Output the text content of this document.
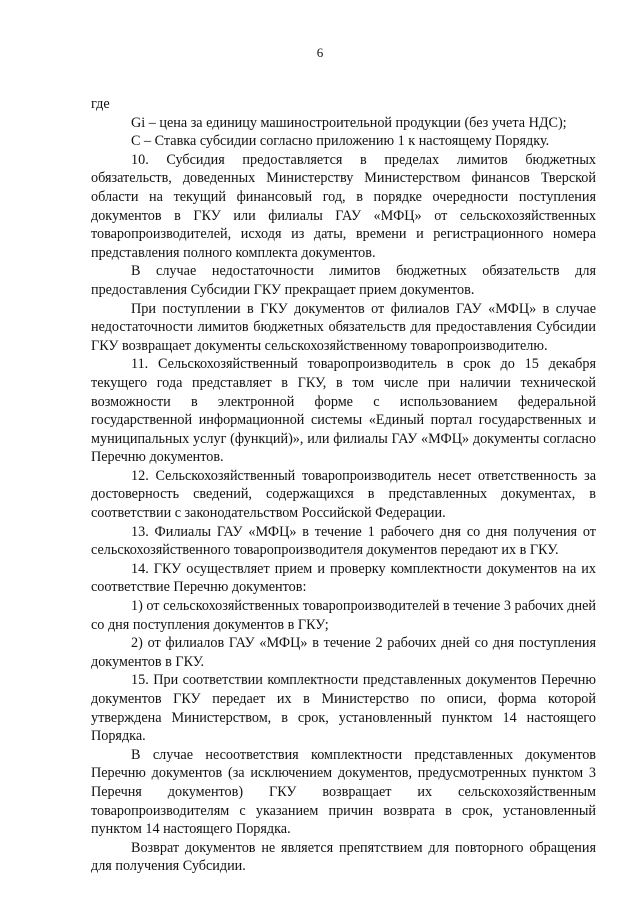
6

где

Gi – цена за единицу машиностроительной продукции (без учета НДС);

C – Ставка субсидии согласно приложению 1 к настоящему Порядку.

10. Субсидия предоставляется в пределах лимитов бюджетных обязательств, доведенных Министерству Министерством финансов Тверской области на текущий финансовый год, в порядке очередности поступления документов в ГКУ или филиалы ГАУ «МФЦ» от сельскохозяйственных товаропроизводителей, исходя из даты, времени и регистрационного номера представления полного комплекта документов.

В случае недостаточности лимитов бюджетных обязательств для предоставления Субсидии ГКУ прекращает прием документов.

При поступлении в ГКУ документов от филиалов ГАУ «МФЦ» в случае недостаточности лимитов бюджетных обязательств для предоставления Субсидии ГКУ возвращает документы сельскохозяйственному товаропроизводителю.

11. Сельскохозяйственный товаропроизводитель в срок до 15 декабря текущего года представляет в ГКУ, в том числе при наличии технической возможности в электронной форме с использованием федеральной государственной информационной системы «Единый портал государственных и муниципальных услуг (функций)», или филиалы ГАУ «МФЦ» документы согласно Перечню документов.

12. Сельскохозяйственный товаропроизводитель несет ответственность за достоверность сведений, содержащихся в представленных документах, в соответствии с законодательством Российской Федерации.

13. Филиалы ГАУ «МФЦ» в течение 1 рабочего дня со дня получения от сельскохозяйственного товаропроизводителя документов передают их в ГКУ.

14. ГКУ осуществляет прием и проверку комплектности документов на их соответствие Перечню документов:

1) от сельскохозяйственных товаропроизводителей в течение 3 рабочих дней со дня поступления документов в ГКУ;

2) от филиалов ГАУ «МФЦ» в течение 2 рабочих дней со дня поступления документов в ГКУ.

15. При соответствии комплектности представленных документов Перечню документов ГКУ передает их в Министерство по описи, форма которой утверждена Министерством, в срок, установленный пунктом 14 настоящего Порядка.

В случае несоответствия комплектности представленных документов Перечню документов (за исключением документов, предусмотренных пунктом 3 Перечня документов) ГКУ возвращает их сельскохозяйственным товаропроизводителям с указанием причин возврата в срок, установленный пунктом 14 настоящего Порядка.

Возврат документов не является препятствием для повторного обращения для получения Субсидии.
